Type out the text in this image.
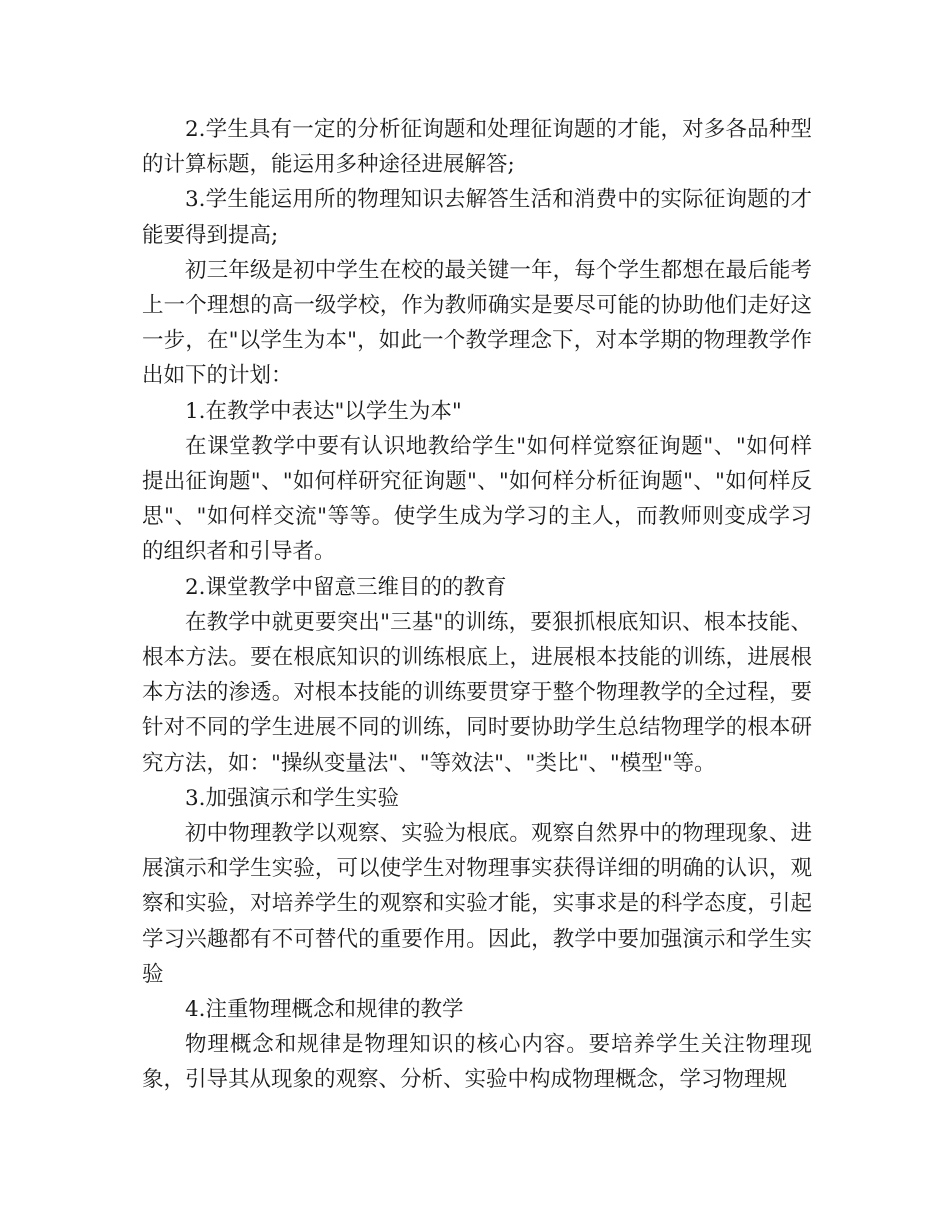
2.学生具有一定的分析征询题和处理征询题的才能，对多各品种型的计算标题，能运用多种途径进展解答;

3.学生能运用所的物理知识去解答生活和消费中的实际征询题的才能要得到提高;

初三年级是初中学生在校的最关键一年，每个学生都想在最后能考上一个理想的高一级学校，作为教师确实是要尽可能的协助他们走好这一步，在"以学生为本"，如此一个教学理念下，对本学期的物理教学作出如下的计划：

1.在教学中表达"以学生为本"

在课堂教学中要有认识地教给学生"如何样觉察征询题"、"如何样提出征询题"、"如何样研究征询题"、"如何样分析征询题"、"如何样反思"、"如何样交流"等等。使学生成为学习的主人，而教师则变成学习的组织者和引导者。

2.课堂教学中留意三维目的的教育

在教学中就更要突出"三基"的训练，要狠抓根底知识、根本技能、根本方法。要在根底知识的训练根底上，进展根本技能的训练，进展根本方法的渗透。对根本技能的训练要贯穿于整个物理教学的全过程，要针对不同的学生进展不同的训练，同时要协助学生总结物理学的根本研究方法，如："操纵变量法"、"等效法"、"类比"、"模型"等。

3.加强演示和学生实验

初中物理教学以观察、实验为根底。观察自然界中的物理现象、进展演示和学生实验，可以使学生对物理事实获得详细的明确的认识，观察和实验，对培养学生的观察和实验才能，实事求是的科学态度，引起学习兴趣都有不可替代的重要作用。因此，教学中要加强演示和学生实验

4.注重物理概念和规律的教学

物理概念和规律是物理知识的核心内容。要培养学生关注物理现象，引导其从现象的观察、分析、实验中构成物理概念，学习物理规
